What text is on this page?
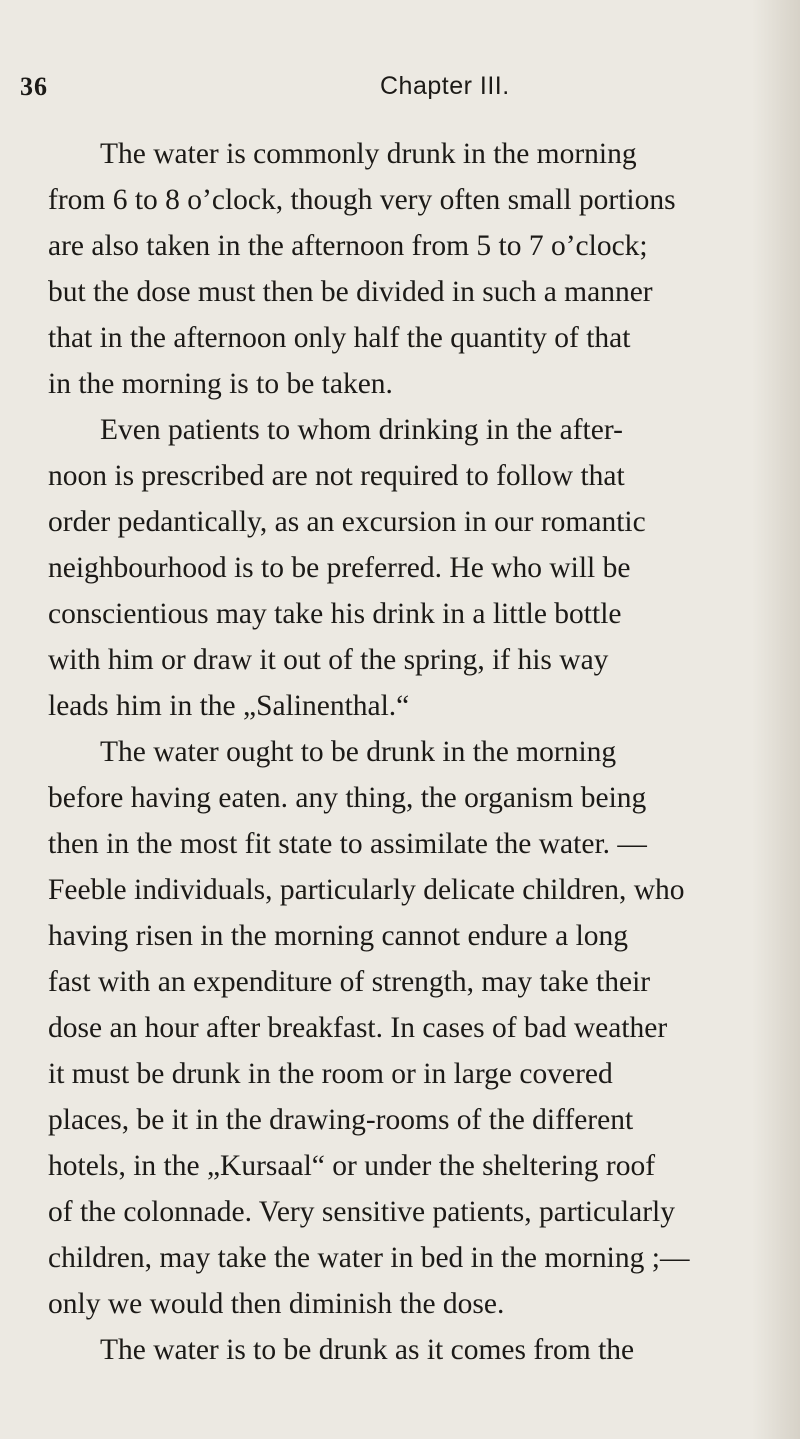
36	Chapter III.
The water is commonly drunk in the morning
from 6 to 8 o’clock, though very often small portions
are also taken in the afternoon from 5 to 7 o’clock;
but the dose must then be divided in such a manner
that in the afternoon only half the quantity of that
in the morning is to be taken.
Even patients to whom drinking in the after-
noon is prescribed are not required to follow that
order pedantically, as an excursion in our romantic
neighbourhood is to be preferred. He who will be
conscientious may take his drink in a little bottle
with him or draw it out of the spring, if his way
leads him in the „Salinenthal.“
The water ought to be drunk in the morning
before having eaten. any thing, the organism being
then in the most fit state to assimilate the water. —
Feeble individuals, particularly delicate children, who
having risen in the morning cannot endure a long
fast with an expenditure of strength, may take their
dose an hour after breakfast. In cases of bad weather
it must be drunk in the room or in large covered
places, be it in the drawing-rooms of the different
hotels, in the „Kursaal“ or under the sheltering roof
of the colonnade. Very sensitive patients, particularly
children, may take the water in bed in the morning ;—
only we would then diminish the dose.
The water is to be drunk as it comes from the
